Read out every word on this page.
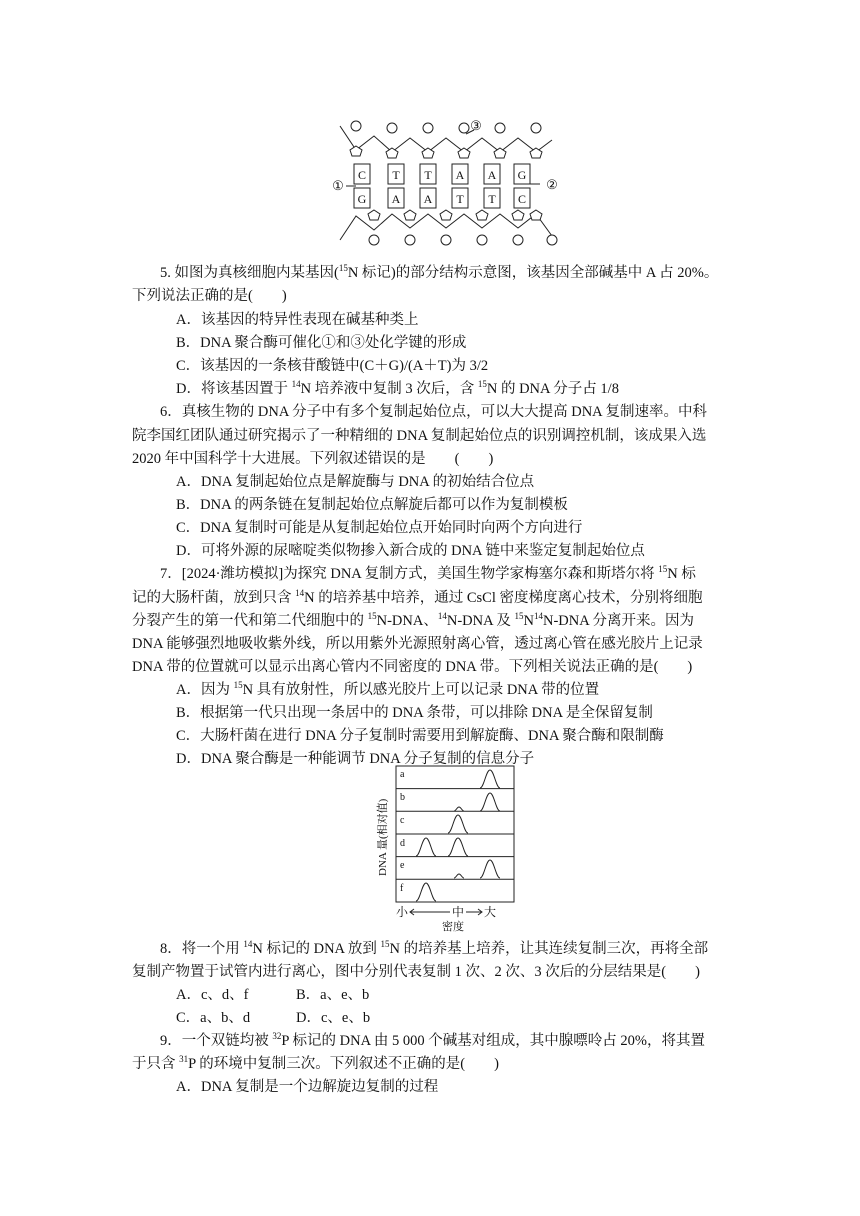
C T T A A G
G A A T T C
①	②
③
5. 如图为真核细胞内某基因($^{15}$N 标记)的部分结构示意图，该基因全部碱基中 A 占 20%。
下列说法正确的是(　　)
A．该基因的特异性表现在碱基种类上
B．DNA 聚合酶可催化①和③处化学键的形成
C．该基因的一条核苷酸链中(C＋G)/(A＋T)为 3/2
D．将该基因置于 $^{14}$N 培养液中复制 3 次后，含 $^{15}$N 的 DNA 分子占 1/8
6．真核生物的 DNA 分子中有多个复制起始位点，可以大大提高 DNA 复制速率。中科
院李国红团队通过研究揭示了一种精细的 DNA 复制起始位点的识别调控机制，该成果入选
2020 年中国科学十大进展。下列叙述错误的是　　(　　)
A．DNA 复制起始位点是解旋酶与 DNA 的初始结合位点
B．DNA 的两条链在复制起始位点解旋后都可以作为复制模板
C．DNA 复制时可能是从复制起始位点开始同时向两个方向进行
D．可将外源的尿嘧啶类似物掺入新合成的 DNA 链中来鉴定复制起始位点
7．[2024·潍坊模拟]为探究 DNA 复制方式，美国生物学家梅塞尔森和斯塔尔将 $^{15}$N 标
记的大肠杆菌，放到只含 $^{14}$N 的培养基中培养，通过 CsCl 密度梯度离心技术，分别将细胞
分裂产生的第一代和第二代细胞中的 $^{15}$N-DNA、$^{14}$N-DNA 及 $^{15}N^{14}N$-DNA 分离开来。因为
DNA 能够强烈地吸收紫外线，所以用紫外光源照射离心管，透过离心管在感光胶片上记录
DNA 带的位置就可以显示出离心管内不同密度的 DNA 带。下列相关说法正确的是(　　)
A．因为 $^{15}$N 具有放射性，所以感光胶片上可以记录 DNA 带的位置
B．根据第一代只出现一条居中的 DNA 条带，可以排除 DNA 是全保留复制
C．大肠杆菌在进行 DNA 分子复制时需要用到解旋酶、DNA 聚合酶和限制酶
D．DNA 聚合酶是一种能调节 DNA 分子复制的信息分子
a
b
c
d
e
f
DNA 量(相对值)
小	中 大
密度
8．将一个用 $^{14}$N 标记的 DNA 放到 $^{15}$N 的培养基上培养，让其连续复制三次，再将全部
复制产物置于试管内进行离心，图中分别代表复制 1 次、2 次、3 次后的分层结果是(　　)
A．c、d、f	B．a、e、b
C．a、b、d	D．c、e、b
9．一个双链均被 $^{32}$P 标记的 DNA 由 5 000 个碱基对组成，其中腺嘌呤占 20%，将其置
于只含 $^{31}$P 的环境中复制三次。下列叙述不正确的是(　　)
A．DNA 复制是一个边解旋边复制的过程
